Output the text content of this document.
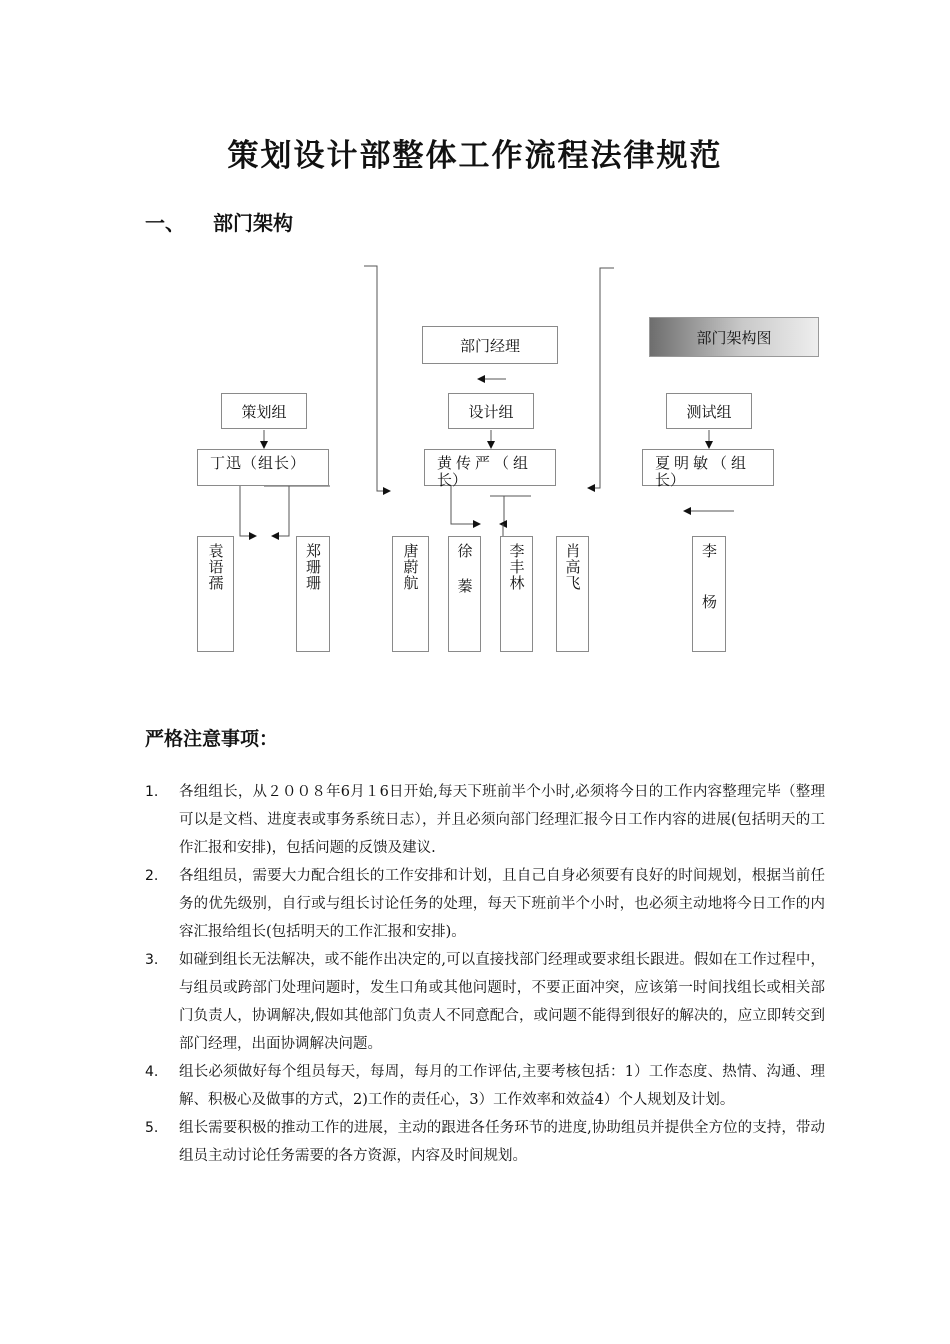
策划设计部整体工作流程法律规范
一、 部门架构
部门经理	部门架构图
策划组	设计组	测试组
丁迅（组长）	黄传严（组
长）
夏明敏（组
长）
袁语孺	郑珊珊	唐蔚航 徐蓁 李丰林	肖高飞	李杨
严格注意事项：
1. 各组组长，从２００８年6月１6日开始,每天下班前半个小时,必须将今日的工作内容整理完毕（整理可以是文档、进度表或事务系统日志），并且必须向部门经理汇报今日工作内容的进展(包括明天的工作汇报和安排)，包括问题的反馈及建议.
2. 各组组员，需要大力配合组长的工作安排和计划，且自己自身必须要有良好的时间规划，根据当前任务的优先级别，自行或与组长讨论任务的处理，每天下班前半个小时，也必须主动地将今日工作的内容汇报给组长(包括明天的工作汇报和安排)。
3. 如碰到组长无法解决，或不能作出决定的,可以直接找部门经理或要求组长跟进。假如在工作过程中，与组员或跨部门处理问题时，发生口角或其他问题时，不要正面冲突，应该第一时间找组长或相关部门负责人，协调解决,假如其他部门负责人不同意配合，或问题不能得到很好的解决的，应立即转交到部门经理，出面协调解决问题。
4. 组长必须做好每个组员每天，每周，每月的工作评估,主要考核包括：1）工作态度、热情、沟通、理解、积极心及做事的方式，2)工作的责任心，3）工作效率和效益4）个人规划及计划。
5. 组长需要积极的推动工作的进展，主动的跟进各任务环节的进度,协助组员并提供全方位的支持，带动组员主动讨论任务需要的各方资源，内容及时间规划。
